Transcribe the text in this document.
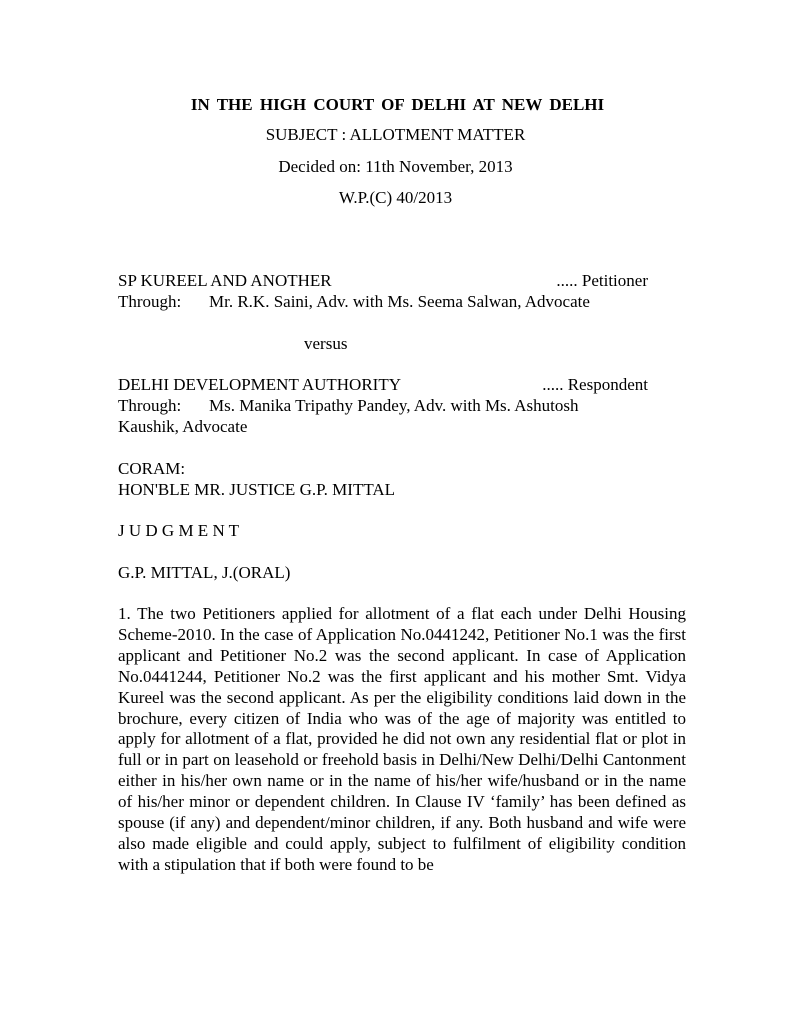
IN THE HIGH COURT OF DELHI AT NEW DELHI
SUBJECT : ALLOTMENT MATTER
Decided on: 11th November, 2013
W.P.(C) 40/2013
SP KUREEL AND ANOTHER	..... Petitioner
Through: Mr. R.K. Saini, Adv. with Ms. Seema Salwan, Advocate
versus
DELHI DEVELOPMENT AUTHORITY	..... Respondent
Through: Ms. Manika Tripathy Pandey, Adv. with Ms. Ashutosh
Kaushik, Advocate
CORAM:
HON'BLE MR. JUSTICE G.P. MITTAL
J U D G M E N T
G.P. MITTAL, J.(ORAL)

1. The two Petitioners applied for allotment of a flat each under Delhi Housing Scheme-2010. In the case of Application No.0441242, Petitioner No.1 was the first applicant and Petitioner No.2 was the second applicant. In case of Application No.0441244, Petitioner No.2 was the first applicant and his mother Smt. Vidya Kureel was the second applicant. As per the eligibility conditions laid down in the brochure, every citizen of India who was of the age of majority was entitled to apply for allotment of a flat, provided he did not own any residential flat or plot in full or in part on leasehold or freehold basis in Delhi/New Delhi/Delhi Cantonment either in his/her own name or in the name of his/her wife/husband or in the name of his/her minor or dependent children. In Clause IV ‘family’ has been defined as spouse (if any) and dependent/minor children, if any. Both husband and wife were also made eligible and could apply, subject to fulfilment of eligibility condition with a stipulation that if both were found to be
